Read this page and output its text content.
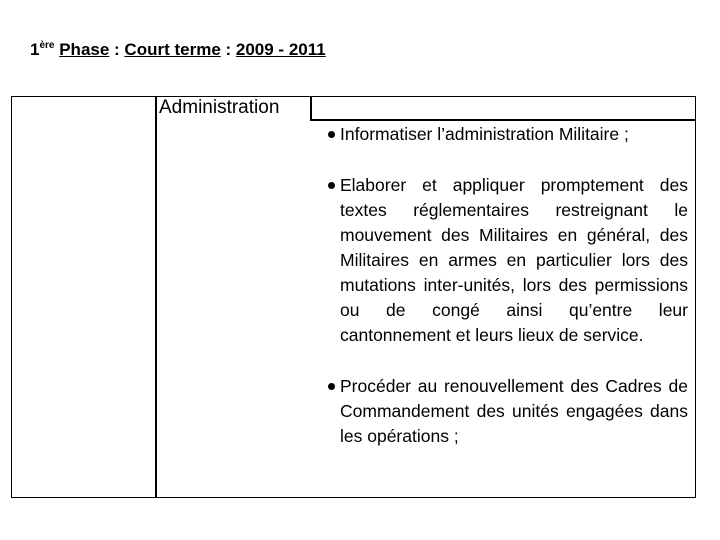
1ère Phase : Court terme : 2009 - 2011
Administration
Informatiser l’administration Militaire ;
Elaborer et appliquer promptement des textes réglementaires restreignant le mouvement des Militaires en général, des Militaires en armes en particulier lors des mutations inter-unités, lors des permissions ou de congé ainsi qu’entre leur cantonnement et leurs lieux de service.
Procéder au renouvellement des Cadres de Commandement des unités engagées dans les opérations ;
